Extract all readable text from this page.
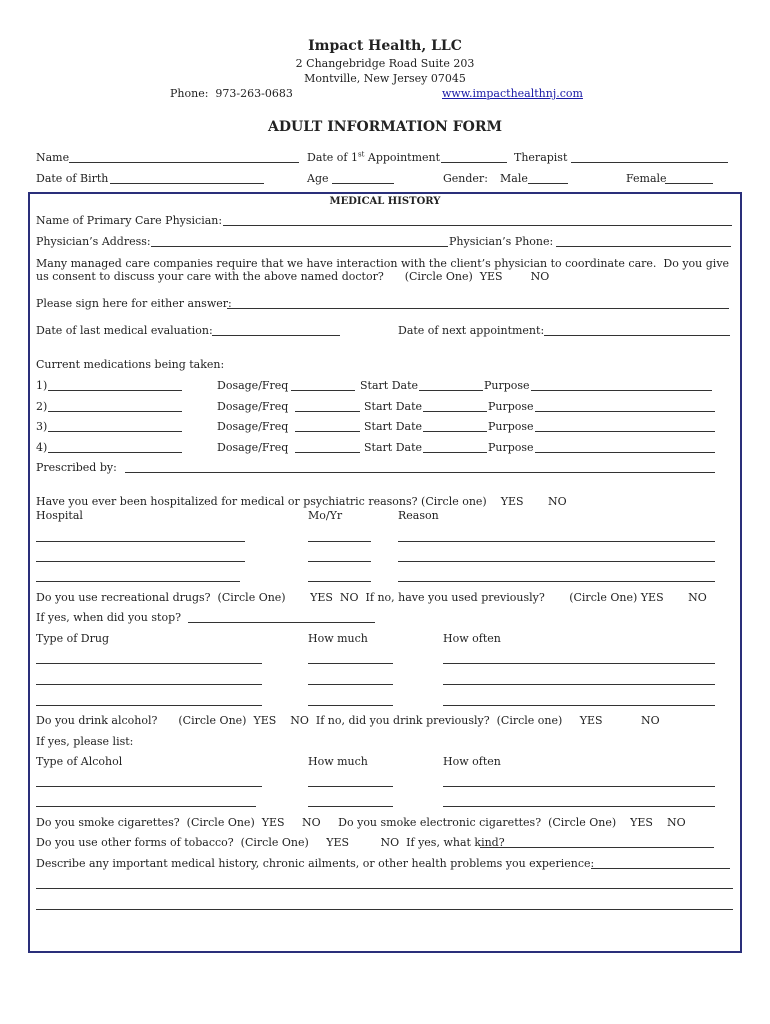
Impact Health, LLC
2 Changebridge Road Suite 203
Montville, New Jersey 07045
Phone:  973-263-0683	www.impacthealthnj.com
ADULT INFORMATION FORM
Name	Date of 1st Appointment	Therapist
Date of Birth	Age	Gender: Male	Female
MEDICAL HISTORY
Name of Primary Care Physician:
Physician’s Address:	Physician’s Phone:
Many managed care companies require that we have interaction with the client’s physician to coordinate care.  Do you give
us consent to discuss your care with the above named doctor?      (Circle One)  YES        NO
Please sign here for either answer:
Date of last medical evaluation:	Date of next appointment:
Current medications being taken:
1)	Dosage/Freq	Start Date	Purpose
2)	Dosage/Freq	Start Date	Purpose
3)	Dosage/Freq	Start Date	Purpose
4)	Dosage/Freq	Start Date	Purpose
Prescribed by:
Have you ever been hospitalized for medical or psychiatric reasons? (Circle one)    YES       NO
Hospital	Mo/Yr	Reason
Do you use recreational drugs?  (Circle One)       YES  NO  If no, have you used previously?       (Circle One) YES       NO
If yes, when did you stop?
Type of Drug	How much	How often
Do you drink alcohol?      (Circle One)  YES    NO  If no, did you drink previously?  (Circle one)     YES           NO
If yes, please list:
Type of Alcohol	How much	How often
Do you smoke cigarettes?  (Circle One)  YES     NO     Do you smoke electronic cigarettes?  (Circle One)    YES    NO
Do you use other forms of tobacco?  (Circle One)     YES         NO  If yes, what kind?
Describe any important medical history, chronic ailments, or other health problems you experience:
